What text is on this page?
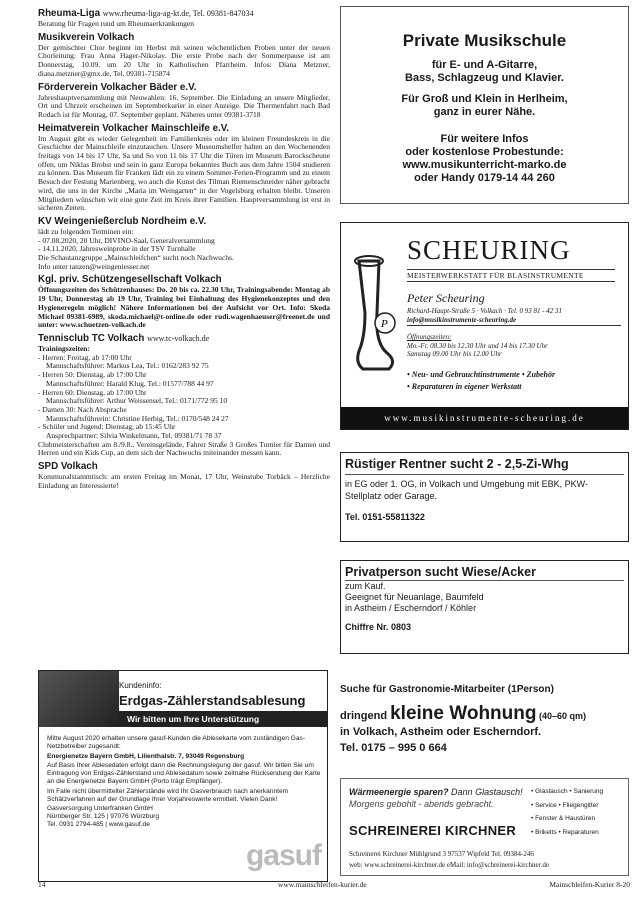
Rheuma-Liga www.rheuma-liga-ag-kt.de, Tel. 09381-847034
Beratung für Fragen rund um Rheumaerkrankungen
Musikverein Volkach
Der gemischter Chor beginnt im Herbst mit seinen wöchentlichen Proben unter der neuen Chorleitung: Frau Anna Hager-Nikolay. Die erste Probe nach der Sommerpause ist am Donnerstag, 10.09. um 20 Uhr in Katholischen Pfarrheim. Infos: Diana Metzner, diana.metzner@gmx.de, Tel. 09381-715874
Förderverein Volkacher Bäder e.V.
Jahreshauptversammlung mit Neuwahlen: 16. September. Die Einladung an unsere Mitglieder, Ort und Uhrzeit erscheinen im Septemberkurier in einer Anzeige. Die Thermenfahrt nach Bad Rodach ist für Montag, 07. September geplant. Näheres unter 09381-3718
Heimatverein Volkacher Mainschleife e.V.
Im August gibt es wieder Gelegenheit im Familienkreis oder im kleinen Freundeskreis in die Geschichte der Mainschleife einzutauchen. Unsere Museumshelfer halten an den Wochenenden freitags von 14 bis 17 Uhr, Sa und So von 11 bis 17 Uhr die Türen im Museum Barockscheune offen, um Niklas Brobst und sein in ganz Europa bekanntes Buch aus dem Jahre 1504 studieren zu können. Das Museum für Franken lädt ein zu einem Sommer-Ferien-Programm und zu einem Besuch der Festung Marienberg, wo auch die Kunst des Tilman Riemenschneider näher gebracht wird, die uns in der Kirche „Maria im Weingarten“ in der Vogelsburg erhalten bleibt. Unseren Mitgliedern wünschen wir eine gute Zeit im Kreis ihrer Familien. Hauptversammlung ist erst in sicheren Zeiten.
KV Weingenießerclub Nordheim e.V.
lädt zu folgenden Terminen ein:
- 07.08.2020, 20 Uhr, DIVINO-Saal, Generalversammlung
- 14.11.2020, Jahresweinprobe in der TSV Turnhalle
Die Schautanzgruppe „Mainschleifchen“ sucht noch Nachwuchs.
Info unter tanzen@weingeniesser.net
Kgl. priv. Schützengesellschaft Volkach
Öffnungszeiten des Schützenhauses: Do. 20 bis ca. 22.30 Uhr, Trainingsabende: Montag ab 19 Uhr, Donnerstag ab 19 Uhr, Training bei Einhaltung des Hygienekonzeptes und den Hygieneregeln möglich! Nähere Informationen bei der Aufsicht vor Ort. Info: Skoda Michael 09381-6989, skoda.michael@t-online.de oder rudi.wagenhaeuser@freenet.de und unter: www.schuetzen-volkach.de
Tennisclub TC Volkach www.tc-volkach.de
Trainingszeiten:
- Herren: Freitag, ab 17:00 Uhr
Mannschaftsführer: Markus Lea, Tel.: 0162/283 92 75
- Herren 50: Dienstag, ab 17:00 Uhr
Mannschaftsführer: Harald Klug, Tel.: 01577/788 44 97
- Herren 60: Dienstag, ab 17:00 Uhr
Mannschaftsführer: Arthur Weissensel, Tel.: 0171/772 95 10
- Damen 30: Nach Absprache
Mannschaftsführerin: Christine Herbig, Tel.: 0170/548 24 27
- Schüler und Jugend: Dienstag, ab 15:45 Uhr
Ansprechpartner: Silvia Winkelmann, Tel. 09381/71 78 37
Clubmeisterschaften am 8./9.8., Vereinsgelände, Fahrer Straße 3 Großes Turnier für Damen und Herren und ein Kids Cup, an dem sich der Nachwuchs miteinander messen kann.
SPD Volkach
Kommunalstammtisch: am ersten Freitag im Monat, 17 Uhr, Weinstube Torbäck – Herzliche Einladung an Interessierte!
Private Musikschule
für E- und A-Gitarre,
Bass, Schlagzeug und Klavier.
Für Groß und Klein in Herlheim,
ganz in eurer Nähe.
Für weitere Infos
oder kostenlose Probestunde:
www.musikunterricht-marko.de
oder Handy 0179-14 44 260
P
SCHEURING
MEISTERWERKSTATT FÜR BLASINSTRUMENTE
Peter Scheuring
Richard-Haupt-Straße 5 · Volkach · Tel. 0 93 81 - 42 31
info@musikinstrumente-scheuring.de
Öffnungszeiten:
Mo.-Fr. 08.30 bis 12.30 Uhr und 14 bis 17.30 Uhr
Samstag 09.00 Uhr bis 12.00 Uhr
• Neu- und Gebrauchtinstrumente • Zubehör
• Reparaturen in eigener Werkstatt
www.musikinstrumente-scheuring.de
Rüstiger Rentner sucht 2 - 2,5-Zi-Whg
in EG oder 1. OG, in Volkach und Umgebung mit EBK, PKW-Stellplatz oder Garage.
Tel. 0151-55811322
Privatperson sucht Wiese/Acker
zum Kauf.
Geeignet für Neuanlage, Baumfeld
in Astheim / Escherndorf / Köhler
Chiffre Nr. 0803
Suche für Gastronomie-Mitarbeiter (1Person)
dringend kleine Wohnung (40–60 qm)
in Volkach, Astheim oder Escherndorf.
Tel. 0175 – 995 0 664
Wärmeenergie sparen? Dann Glastausch!
Morgens gebohlt - abends gebracht.
SCHREINEREI KIRCHNER
• Glastausch • Sanierung
• Service • Fliegengitter
• Fenster & Haustüren
• Briketts • Reparaturen
Schreinerei Kirchner Mühlgrund 3 97537 Wipfeld Tel. 09384-246
web: www.schreinerei-kirchner.de eMail: info@schreinerei-kirchner.de
Kundeninfo:
Erdgas-Zählerstandsablesung
Wir bitten um Ihre Unterstützung
Mitte August 2020 erhalten unsere gasuf-Kunden die Ablesekarte vom zuständigen Gas-Netzbetreiber zugesandt:
Energienetze Bayern GmbH, Lilienthalstr. 7, 93049 Regensburg
Auf Basis Ihrer Ablesedaten erfolgt dann die Rechnungslegung der gasuf. Wir bitten Sie um Eintragung von Erdgas-Zählerstand und Ablesedatum sowie zeitnahe Rücksendung der Karte an die Energienetze Bayern GmbH (Porto trägt Empfänger).
Im Falle nicht übermittelter Zählerstände wird Ihr Gasverbrauch nach anerkanntem Schätzverfahren auf der Grundlage Ihrer Vorjahreswerte ermittelt. Vielen Dank!
Gasversorgung Unterfranken GmbH
Nürnberger Str. 125 | 97076 Würzburg
Tel. 0931 2794-485 | www.gasuf.de
gasuf
14	www.mainschleifen-kurier.de	Mainschleifen-Kurier 8-20
